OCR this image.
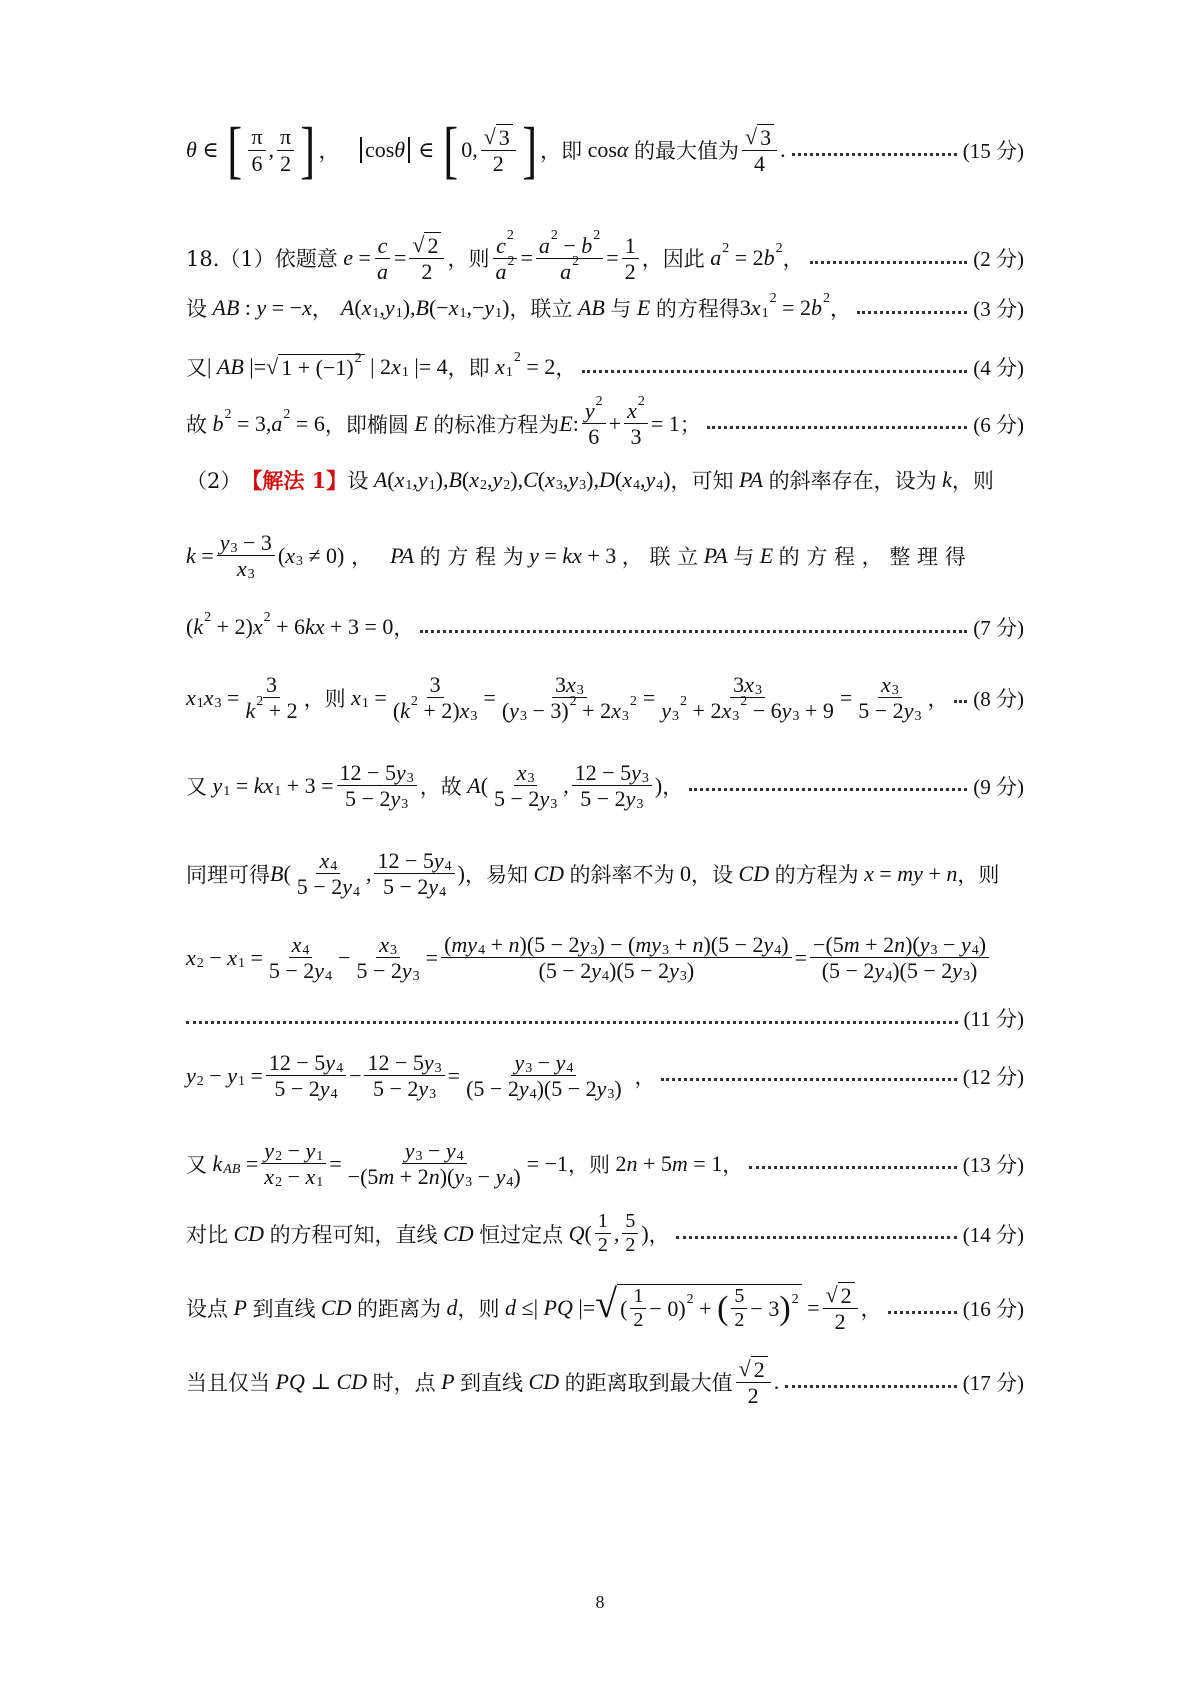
θ ∈ [ $\frac{\pi}{6}$ , $\frac{\pi}{2}$ ] ，	cos θ ∈ [ 0, $\frac{√ 3}{2}$ ] ，即 cos α
的最大值为 $\frac{√ 3}{4}$ .	(15 分)
18.（1）依题意
$e = \frac{c}{a} = \frac{√ 2}{2}$ ，则 $\frac{c 2}{a 2} = \frac{a 2 - b 2}{a 2} = \frac{1}{2}$ ，因此
a 2 = 2 b 2 ，	(2 分)
设
AB : y = − x ， A ( x 1 , y 1 ), B (− x 1 ,− y 1 ) ，联立
AB
与
E
的方程得 3 x 1
2 = 2 b 2 ，	(3 分)
又 | AB |= √ 1 + (−1) 2 | 2 x 1 |= 4 ，即
x 1
2 = 2 ，	(4 分)
故
b 2 = 3, a 2 = 6 ，即椭圆
E
的标准方程为 E : $\frac{y 2}{6} + \frac{x 2}{3} = 1$ ；	(6 分)
（2） 【解法 1】 设
A ( x 1 , y 1 ), B ( x 2 , y 2 ), C ( x 3 , y 3 ), D ( x 4 , y 4 ) ，可知
PA
的斜率存在，设为
k ，则
$k = \frac{y 3 - 3}{x 3}$ ( x 3 ≠ 0)
， PA
的 方 程 为
y = kx + 3 ， 联 立
PA
与
E
的 方 程 ， 整 理 得
( k 2 + 2) x 2 + 6 kx + 3 = 0 ，	(7 分)
x 1 x $3 = \frac{3}{k 2 + 2}$ ，则
x $1 = \frac{3}{( k 2 + 2) x 3} = 3$ x 3
( y 3 − 3) 2 + 2 x 3
2 = 3 x 3
y 3
2 + 2 x 3
2 − 6 y $3 + 9 = \frac{x 3}{5 - 2 y 3}$ ， (8 分)
又
y 1 = kx $1 + 3 = \frac{12 - 5 y 3}{5 - 2 y 3}$ ，故
A ( $\frac{x 3}{5 - 2 y 3}$ , $\frac{12 - 5 y 3}{5 - 2 y 3}$ ) ，	(9 分)
同理可得 B ( $\frac{x 4}{5 - 2 y 4}$ , $\frac{12 - 5 y 4}{5 - 2 y 4}$ ) ，易知
CD
的斜率不为 0 ，设
CD
的方程为
x = my + n ，则
x 2 − x $1 = \frac{x 4}{5 - 2 y 4} - \frac{x 3}{5 - 2 y 3} = \frac{( my 4 + n )(5 - 2 y 3 ) - ( my 3 + n )(5 - 2 y 4 )}{(5 - 2 y 4 )(5 - 2 y 3 )} = \frac{-(5 m + 2 n )( y 3 - y 4 )}{(5 - 2 y 4 )(5 - 2 y 3 )}$
(11 分)
y 2 − y $1 = \frac{12 - 5 y 4}{5 - 2 y 4} - \frac{12 - 5 y 3}{5 - 2 y 3} = \frac{y 3 - y 4}{(5 - 2 y 4 )(5 - 2 y 3 )}$
，	(12 分)
又
k AB = $\frac{y 2 - y 1}{x 2 - x 1} = \frac{y 3 - y 4}{-(5 m + 2 n )( y 3 - y 4 )} = -1$ ，则 2 n + 5 m = 1 ，	(13 分)
对比
CD
的方程可知，直线
CD
恒过定点
Q ( $\frac{1}{2}$ , $\frac{5}{2}$ ) ，	(14 分)
设点
P
到直线
CD
的距离为
d ，则
d ≤| PQ |= √ ( $\frac{1}{2} - 0$) 2 + ( $\frac{5}{2} - 3$ ) $2 = \frac{√ 2}{2}$ ，	(16 分)
当且仅当
PQ ⊥ CD
时，点
P
到直线
CD
的距离取到最大值 $\frac{√ 2}{2}$ .	(17 分)
8
